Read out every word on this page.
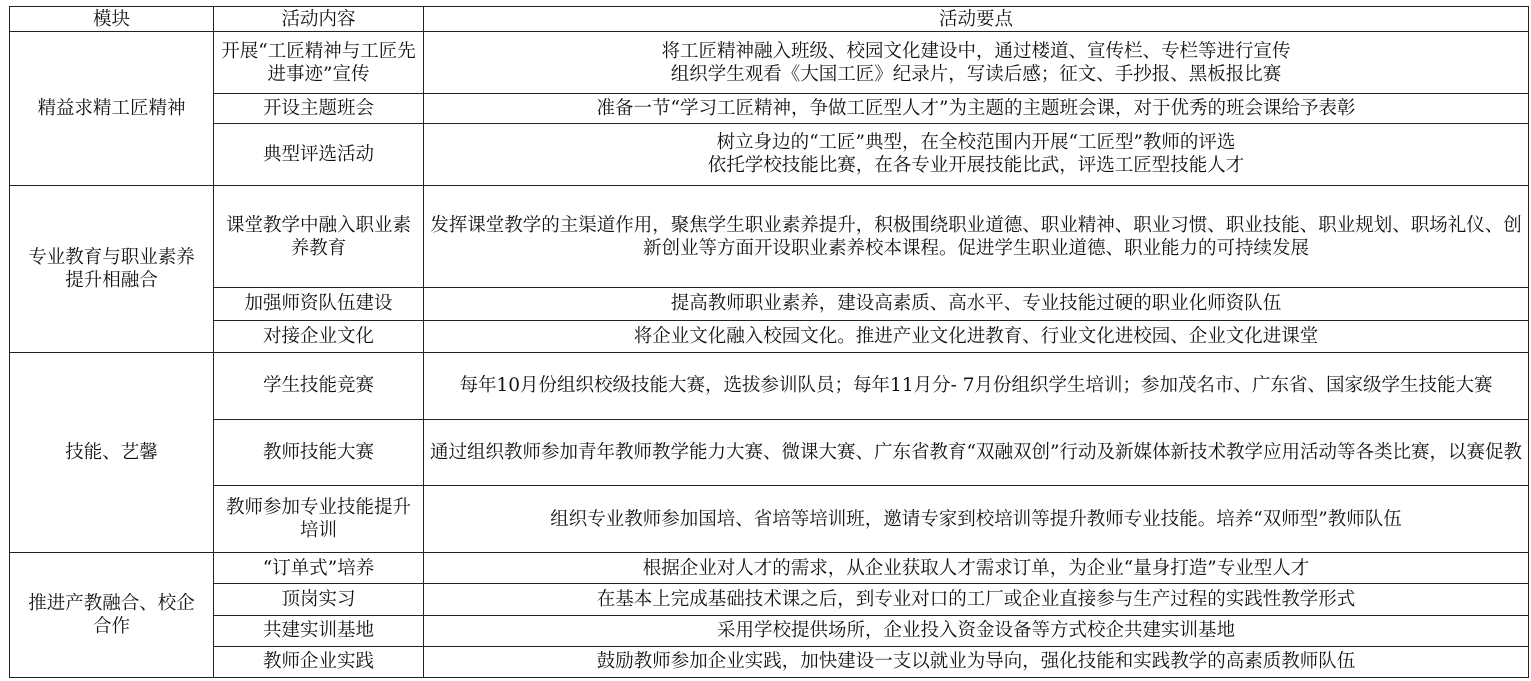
模块	活动内容	活动要点
精益求精工匠精神	开展“工匠精神与工匠先进事迹”宣传	将工匠精神融入班级、校园文化建设中，通过楼道、宣传栏、专栏等进行宣传
组织学生观看《大国工匠》纪录片，写读后感；征文、手抄报、黑板报比赛

	开设主题班会	准备一节“学习工匠精神，争做工匠型人才”为主题的主题班会课，对于优秀的班会课给予表彰

	典型评选活动	树立身边的“工匠”典型，在全校范围内开展“工匠型”教师的评选
依托学校技能比赛，在各专业开展技能比武，评选工匠型技能人才

专业教育与职业素养提升相融合	课堂教学中融入职业素养教育	发挥课堂教学的主渠道作用，聚焦学生职业素养提升，积极围绕职业道德、职业精神、职业习惯、职业技能、职业规划、职场礼仪、创新创业等方面开设职业素养校本课程。促进学生职业道德、职业能力的可持续发展

	加强师资队伍建设	提高教师职业素养，建设高素质、高水平、专业技能过硬的职业化师资队伍

	对接企业文化	将企业文化融入校园文化。推进产业文化进教育、行业文化进校园、企业文化进课堂

技能、艺馨	学生技能竞赛	每年10月份组织校级技能大赛，选拔参训队员；每年11月分- 7月份组织学生培训；参加茂名市、广东省、国家级学生技能大赛

	教师技能大赛	通过组织教师参加青年教师教学能力大赛、微课大赛、广东省教育“双融双创”行动及新媒体新技术教学应用活动等各类比赛，以赛促教

	教师参加专业技能提升培训	组织专业教师参加国培、省培等培训班，邀请专家到校培训等提升教师专业技能。培养“双师型”教师队伍

推进产教融合、校企合作	“订单式”培养	根据企业对人才的需求，从企业获取人才需求订单，为企业“量身打造”专业型人才

	顶岗实习	在基本上完成基础技术课之后，到专业对口的工厂或企业直接参与生产过程的实践性教学形式

	共建实训基地	采用学校提供场所，企业投入资金设备等方式校企共建实训基地

	教师企业实践	鼓励教师参加企业实践，加快建设一支以就业为导向，强化技能和实践教学的高素质教师队伍
